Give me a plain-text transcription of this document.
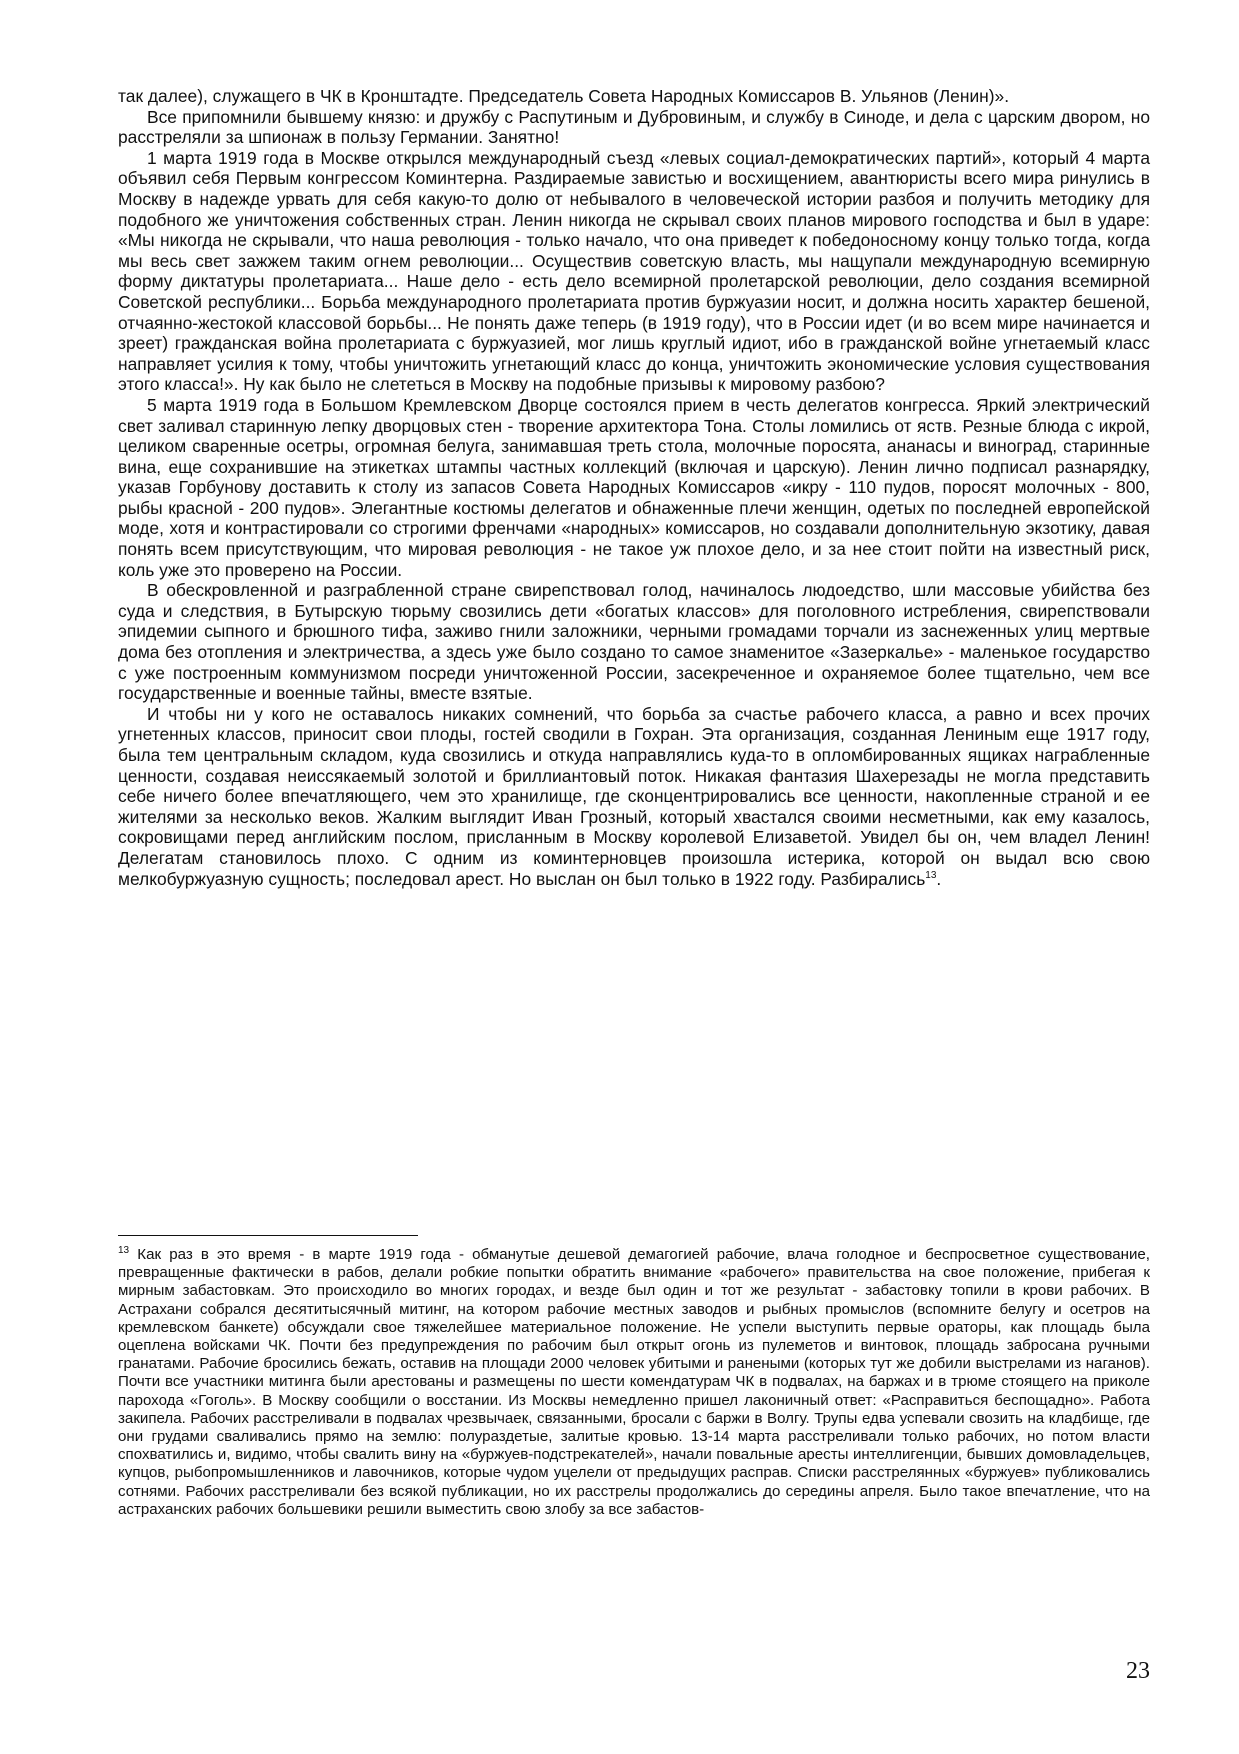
так далее), служащего в ЧК в Кронштадте. Председатель Совета Народных Комиссаров В. Ульянов (Ленин)».

Все припомнили бывшему князю: и дружбу с Распутиным и Дубровиным, и службу в Синоде, и дела с царским двором, но расстреляли за шпионаж в пользу Германии. Занятно!

1 марта 1919 года в Москве открылся международный съезд «левых социал-демократических партий», который 4 марта объявил себя Первым конгрессом Коминтерна. Раздираемые завистью и восхищением, авантюристы всего мира ринулись в Москву в надежде урвать для себя какую-то долю от небывалого в человеческой истории разбоя и получить методику для подобного же уничтожения собственных стран. Ленин никогда не скрывал своих планов мирового господства и был в ударе: «Мы никогда не скрывали, что наша революция - только начало, что она приведет к победоносному концу только тогда, когда мы весь свет зажжем таким огнем революции... Осуществив советскую власть, мы нащупали международную всемирную форму диктатуры пролетариата... Наше дело - есть дело всемирной пролетарской революции, дело создания всемирной Советской республики... Борьба международного пролетариата против буржуазии носит, и должна носить характер бешеной, отчаянно-жестокой классовой борьбы... Не понять даже теперь (в 1919 году), что в России идет (и во всем мире начинается и зреет) гражданская война пролетариата с буржуазией, мог лишь круглый идиот, ибо в гражданской войне угнетаемый класс направляет усилия к тому, чтобы уничтожить угнетающий класс до конца, уничтожить экономические условия существования этого класса!». Ну как было не слететься в Москву на подобные призывы к мировому разбою?

5 марта 1919 года в Большом Кремлевском Дворце состоялся прием в честь делегатов конгресса. Яркий электрический свет заливал старинную лепку дворцовых стен - творение архитектора Тона. Столы ломились от яств. Резные блюда с икрой, целиком сваренные осетры, огромная белуга, занимавшая треть стола, молочные поросята, ананасы и виноград, старинные вина, еще сохранившие на этикетках штампы частных коллекций (включая и царскую). Ленин лично подписал разнарядку, указав Горбунову доставить к столу из запасов Совета Народных Комиссаров «икру - 110 пудов, поросят молочных - 800, рыбы красной - 200 пудов». Элегантные костюмы делегатов и обнаженные плечи женщин, одетых по последней европейской моде, хотя и контрастировали со строгими френчами «народных» комиссаров, но создавали дополнительную экзотику, давая понять всем присутствующим, что мировая революция - не такое уж плохое дело, и за нее стоит пойти на известный риск, коль уже это проверено на России.

В обескровленной и разграбленной стране свирепствовал голод, начиналось людоедство, шли массовые убийства без суда и следствия, в Бутырскую тюрьму свозились дети «богатых классов» для поголовного истребления, свирепствовали эпидемии сыпного и брюшного тифа, заживо гнили заложники, черными громадами торчали из заснеженных улиц мертвые дома без отопления и электричества, а здесь уже было создано то самое знаменитое «Зазеркалье» - маленькое государство с уже построенным коммунизмом посреди уничтоженной России, засекреченное и охраняемое более тщательно, чем все государственные и военные тайны, вместе взятые.

И чтобы ни у кого не оставалось никаких сомнений, что борьба за счастье рабочего класса, а равно и всех прочих угнетенных классов, приносит свои плоды, гостей сводили в Гохран. Эта организация, созданная Лениным еще 1917 году, была тем центральным складом, куда свозились и откуда направлялись куда-то в опломбированных ящиках награбленные ценности, создавая неиссякаемый золотой и бриллиантовый поток. Никакая фантазия Шахерезады не могла представить себе ничего более впечатляющего, чем это хранилище, где сконцентрировались все ценности, накопленные страной и ее жителями за несколько веков. Жалким выглядит Иван Грозный, который хвастался своими несметными, как ему казалось, сокровищами перед английским послом, присланным в Москву королевой Елизаветой. Увидел бы он, чем владел Ленин! Делегатам становилось плохо. С одним из коминтерновцев произошла истерика, которой он выдал всю свою мелкобуржуазную сущность; последовал арест. Но выслан он был только в 1922 году. Разбирались$^{13}$.

$^{13}$ Как раз в это время - в марте 1919 года - обманутые дешевой демагогией рабочие, влача голодное и беспросветное существование, превращенные фактически в рабов, делали робкие попытки обратить внимание «рабочего» правительства на свое положение, прибегая к мирным забастовкам. Это происходило во многих городах, и везде был один и тот же результат - забастовку топили в крови рабочих. В Астрахани собрался десятитысячный митинг, на котором рабочие местных заводов и рыбных промыслов (вспомните белугу и осетров на кремлевском банкете) обсуждали свое тяжелейшее материальное положение. Не успели выступить первые ораторы, как площадь была оцеплена войсками ЧК. Почти без предупреждения по рабочим был открыт огонь из пулеметов и винтовок, площадь забросана ручными гранатами. Рабочие бросились бежать, оставив на площади 2000 человек убитыми и ранеными (которых тут же добили выстрелами из наганов). Почти все участники митинга были арестованы и размещены по шести комендатурам ЧК в подвалах, на баржах и в трюме стоящего на приколе парохода «Гоголь». В Москву сообщили о восстании. Из Москвы немедленно пришел лаконичный ответ: «Расправиться беспощадно». Работа закипела. Рабочих расстреливали в подвалах чрезвычаек, связанными, бросали с баржи в Волгу. Трупы едва успевали свозить на кладбище, где они грудами сваливались прямо на землю: полураздетые, залитые кровью. 13-14 марта расстреливали только рабочих, но потом власти спохватились и, видимо, чтобы свалить вину на «буржуев-подстрекателей», начали повальные аресты интеллигенции, бывших домовладельцев, купцов, рыбопромышленников и лавочников, которые чудом уцелели от предыдущих расправ. Списки расстрелянных «буржуев» публиковались сотнями. Рабочих расстреливали без всякой публикации, но их расстрелы продолжались до середины апреля. Было такое впечатление, что на астраханских рабочих большевики решили выместить свою злобу за все забастов-

23
